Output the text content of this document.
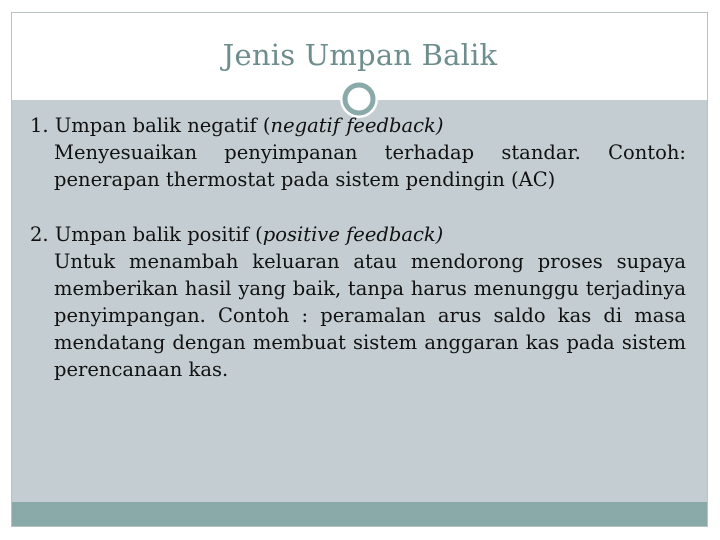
Jenis Umpan Balik

1. Umpan balik negatif (negatif feedback)

Menyesuaikan penyimpanan terhadap standar. Contoh: penerapan thermostat pada sistem pendingin (AC)

2. Umpan balik positif (positive feedback)

Untuk menambah keluaran atau mendorong proses supaya memberikan hasil yang baik, tanpa harus menunggu terjadinya penyimpangan. Contoh : peramalan arus saldo kas di masa mendatang dengan membuat sistem anggaran kas pada sistem perencanaan kas.
